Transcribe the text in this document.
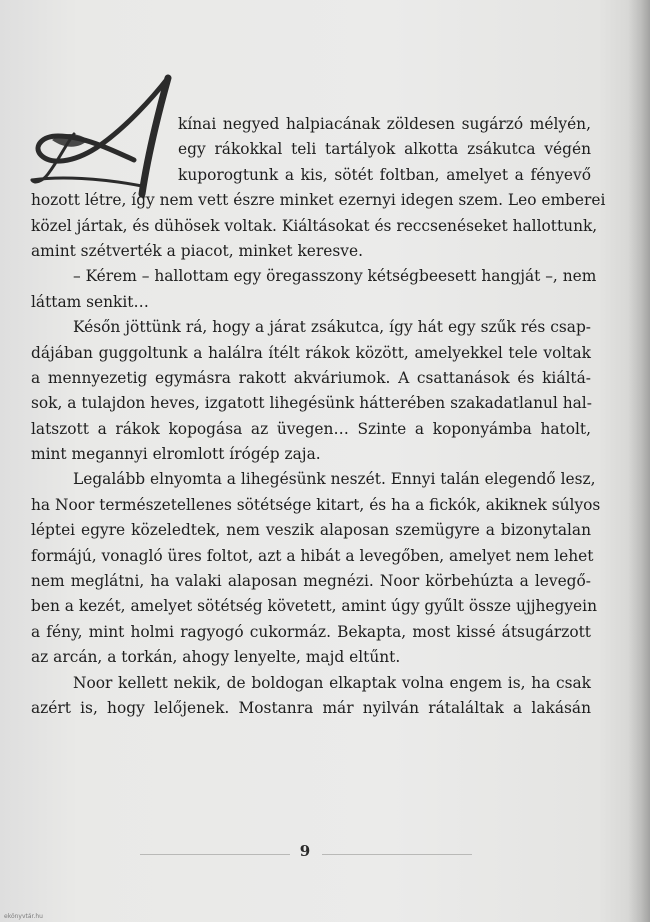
kínai negyed halpiacának zöldesen sugárzó mélyén,
egy rákokkal teli tartályok alkotta zsákutca végén
kuporogtunk a kis, sötét foltban, amelyet a fényevő
hozott létre, így nem vett észre minket ezernyi idegen szem. Leo emberei
közel jártak, és dühösek voltak. Kiáltásokat és reccsenéseket hallottunk,
amint szétverték a piacot, minket keresve.
– Kérem – hallottam egy öregasszony kétségbeesett hangját –, nem
láttam senkit…
Későn jöttünk rá, hogy a járat zsákutca, így hát egy szűk rés csap-
dájában guggoltunk a halálra ítélt rákok között, amelyekkel tele voltak
a mennyezetig egymásra rakott akváriumok. A csattanások és kiáltá-
sok, a tulajdon heves, izgatott lihegésünk hátterében szakadatlanul hal-
latszott a rákok kopogása az üvegen… Szinte a koponyámba hatolt,
mint megannyi elromlott írógép zaja.
Legalább elnyomta a lihegésünk neszét. Ennyi talán elegendő lesz,
ha Noor természetellenes sötétsége kitart, és ha a fickók, akiknek súlyos
léptei egyre közeledtek, nem veszik alaposan szemügyre a bizonytalan
formájú, vonagló üres foltot, azt a hibát a levegőben, amelyet nem lehet
nem meglátni, ha valaki alaposan megnézi. Noor körbehúzta a levegő-
ben a kezét, amelyet sötétség követett, amint úgy gyűlt össze ujjhegyein
a fény, mint holmi ragyogó cukormáz. Bekapta, most kissé átsugárzott
az arcán, a torkán, ahogy lenyelte, majd eltűnt.
Noor kellett nekik, de boldogan elkaptak volna engem is, ha csak
azért is, hogy lelőjenek. Mostanra már nyilván rátaláltak a lakásán
9
ekönyvtár.hu
